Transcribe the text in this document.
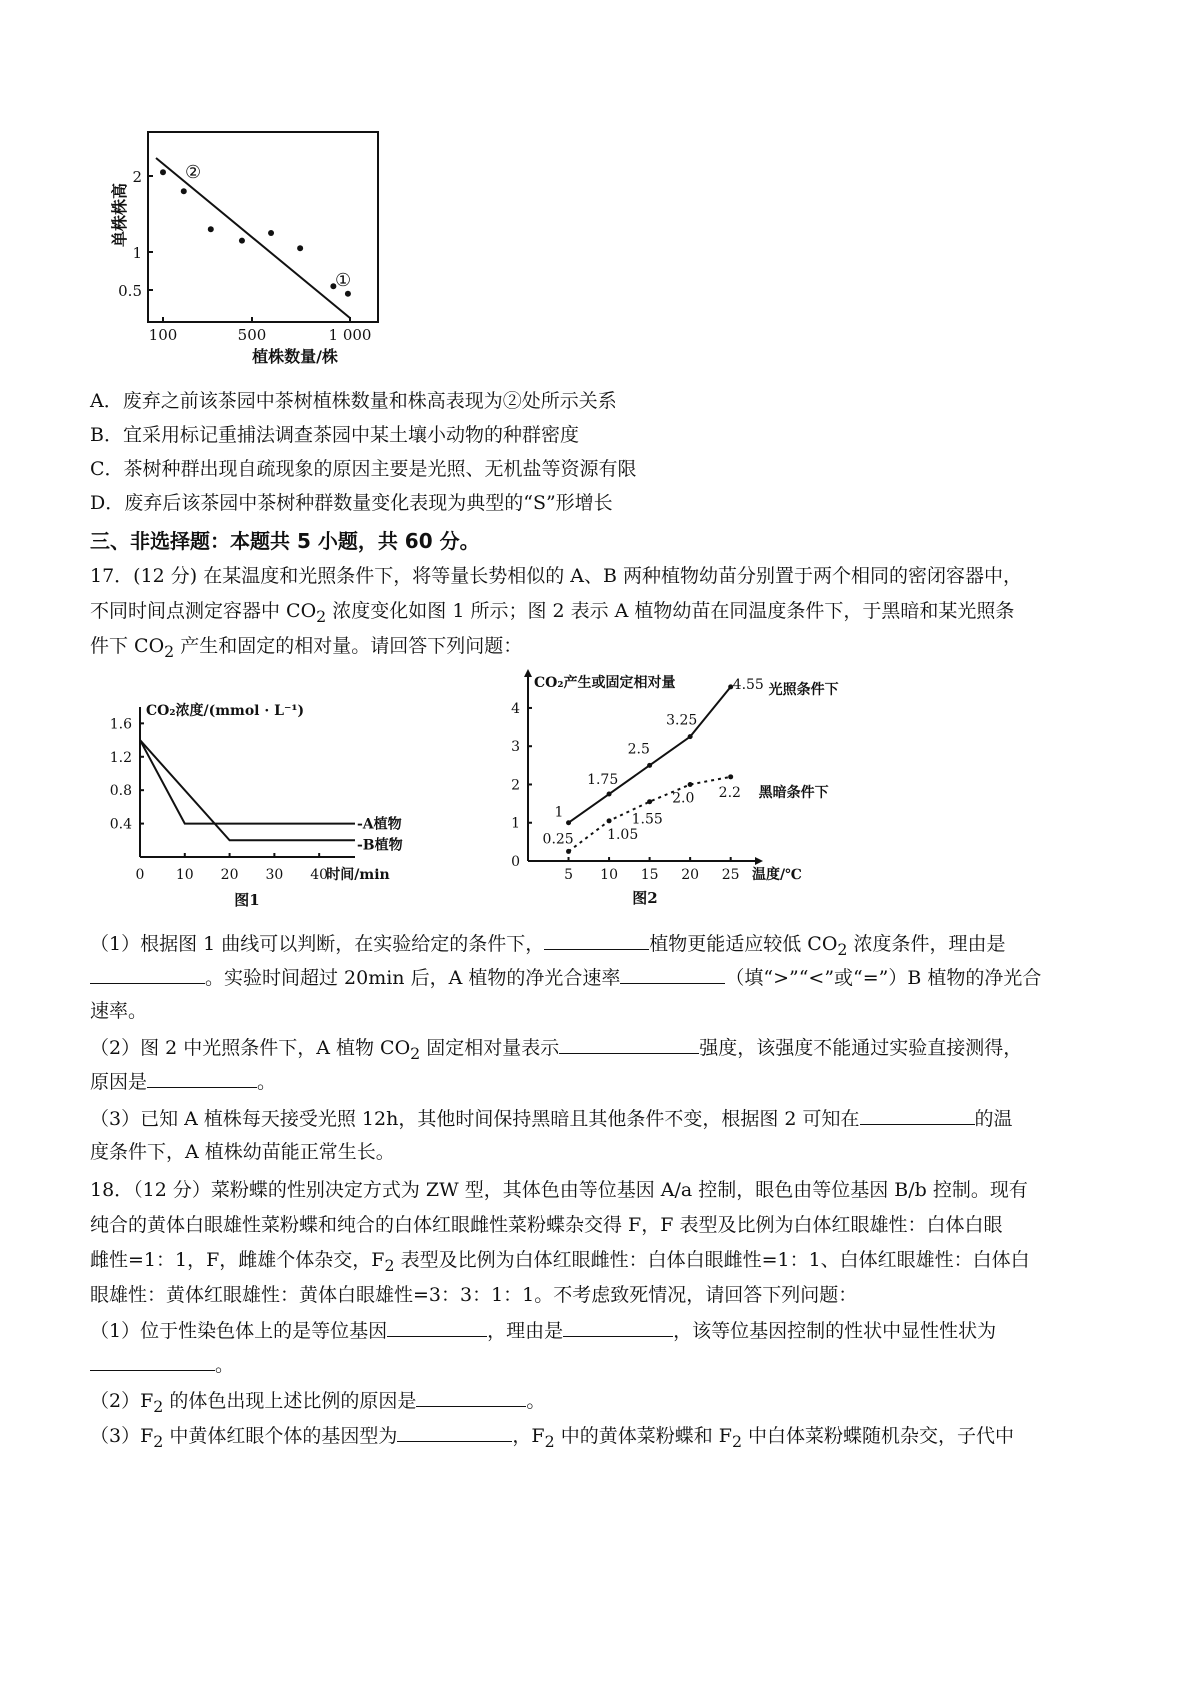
单株株高
2
1
0.5
100	500	1 000
植株数量/株
②
①
A．废弃之前该茶园中茶树植株数量和株高表现为②处所示关系
B．宜采用标记重捕法调查茶园中某土壤小动物的种群密度
C．茶树种群出现自疏现象的原因主要是光照、无机盐等资源有限
D．废弃后该茶园中茶树种群数量变化表现为典型的“S”形增长
三、非选择题：本题共 5 小题，共 60 分。
17．(12 分) 在某温度和光照条件下，将等量长势相似的 A、B 两种植物幼苗分别置于两个相同的密闭容器中，
不同时间点测定容器中 $CO_2$ 浓度变化如图 1 所示；图 2 表示 A 植物幼苗在同温度条件下，于黑暗和某光照条
件下 $CO_2$ 产生和固定的相对量。请回答下列问题：
CO₂浓度/(mmol · L⁻¹)
1.6
1.2
0.8
0.4
0 10 20 30 40
时间/min
-A植物
-B植物
图1
CO₂产生或固定相对量
0
1
2
3
4
5 10 15 20 25 温度/℃
1
1.75
2.5
3.25
4.55
0.25 1.05
1.55
2.0 2.2
光照条件下
黑暗条件下
图2
（1）根据图 1 曲线可以判断，在实验给定的条件下，	植物更能适应较低 $CO_2$ 浓度条件，理由是
。实验时间超过 20min 后，A 植物的净光合速率	（填“>”“<”或“=”）B 植物的净光合
速率。
（2）图 2 中光照条件下，A 植物 $CO_2$ 固定相对量表示	强度，该强度不能通过实验直接测得，
原因是	。
（3）已知 A 植株每天接受光照 12h，其他时间保持黑暗且其他条件不变，根据图 2 可知在	的温
度条件下，A 植株幼苗能正常生长。
18．（12 分）菜粉蝶的性别决定方式为 ZW 型，其体色由等位基因 A/a 控制，眼色由等位基因 B/b 控制。现有
纯合的黄体白眼雄性菜粉蝶和纯合的白体红眼雌性菜粉蝶杂交得 F，F 表型及比例为白体红眼雄性：白体白眼
雌性=1：1，F，雌雄个体杂交，$F_2$ 表型及比例为白体红眼雌性：白体白眼雌性=1：1、白体红眼雄性：白体白
眼雄性：黄体红眼雄性：黄体白眼雄性=3：3：1：1。不考虑致死情况，请回答下列问题：
（1）位于性染色体上的是等位基因	，理由是	，该等位基因控制的性状中显性性状为
。
$(2)F_2$ 的体色出现上述比例的原因是	。
$(3)F_2$ 中黄体红眼个体的基因型为	，$F_2$ 中的黄体菜粉蝶和 $F_2$ 中白体菜粉蝶随机杂交，子代中
